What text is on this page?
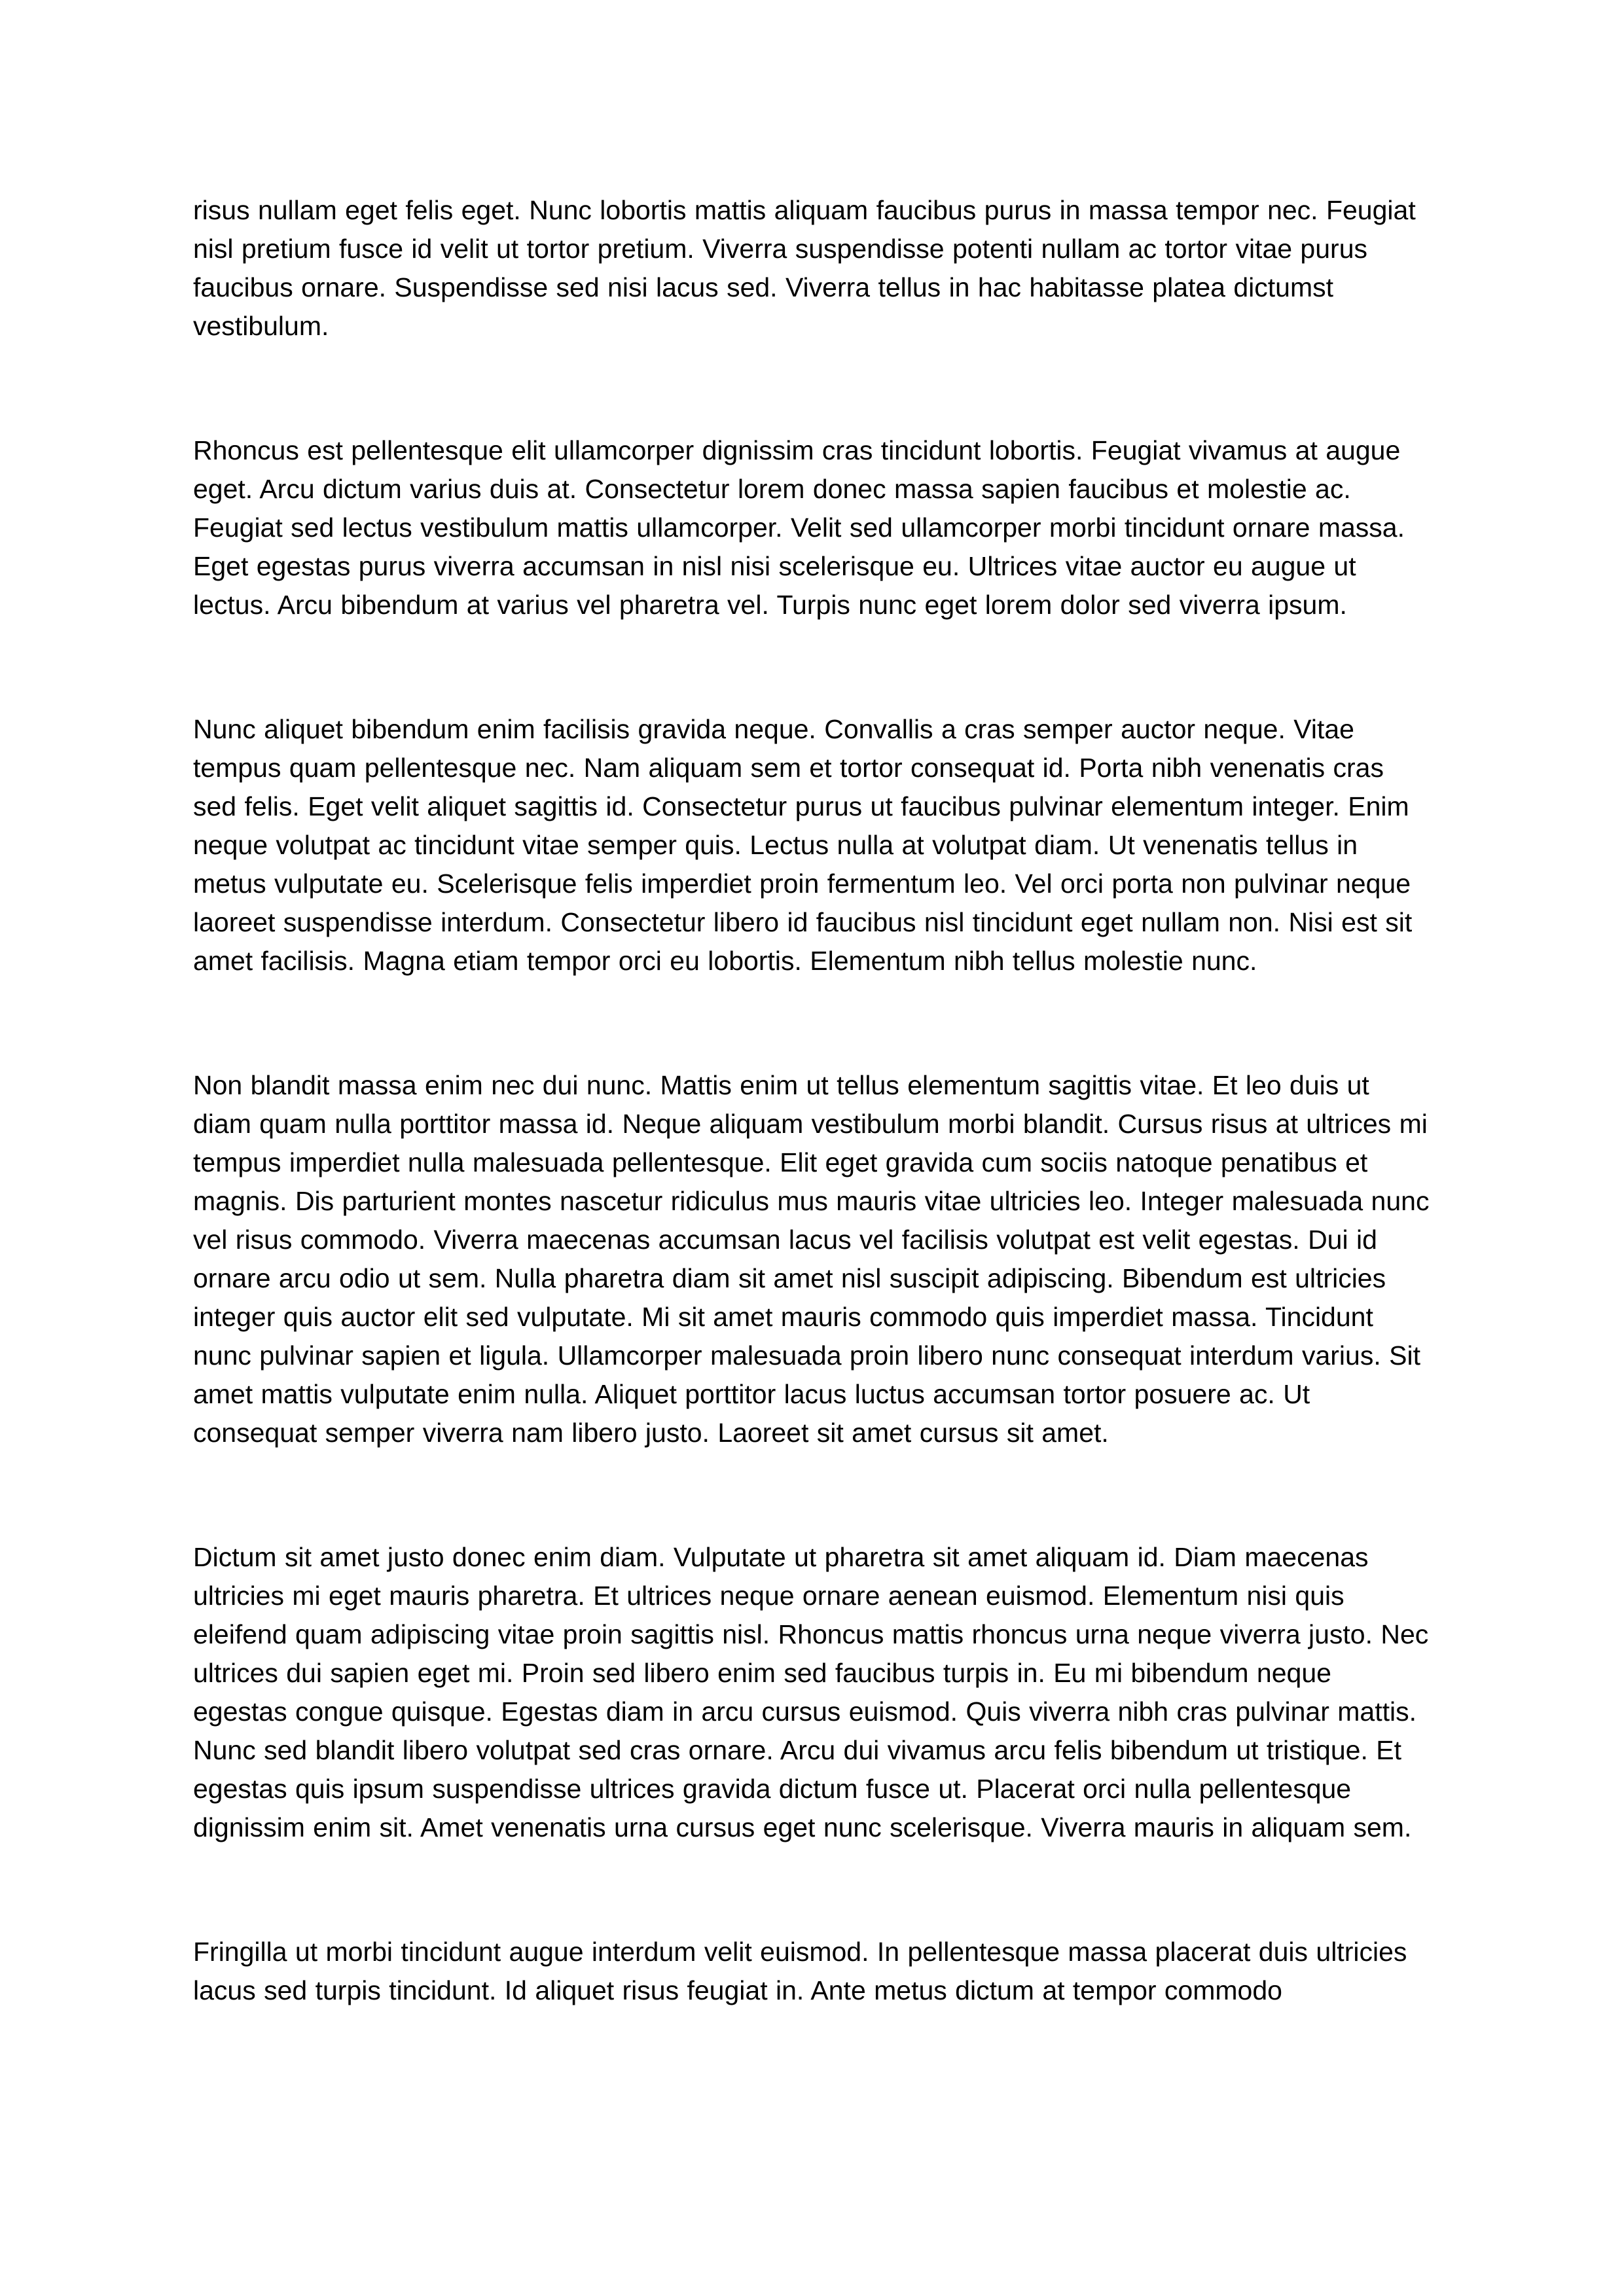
risus nullam eget felis eget. Nunc lobortis mattis aliquam faucibus purus in massa tempor nec. Feugiat nisl pretium fusce id velit ut tortor pretium. Viverra suspendisse potenti nullam ac tortor vitae purus faucibus ornare. Suspendisse sed nisi lacus sed. Viverra tellus in hac habitasse platea dictumst vestibulum.

Rhoncus est pellentesque elit ullamcorper dignissim cras tincidunt lobortis. Feugiat vivamus at augue eget. Arcu dictum varius duis at. Consectetur lorem donec massa sapien faucibus et molestie ac. Feugiat sed lectus vestibulum mattis ullamcorper. Velit sed ullamcorper morbi tincidunt ornare massa. Eget egestas purus viverra accumsan in nisl nisi scelerisque eu. Ultrices vitae auctor eu augue ut lectus. Arcu bibendum at varius vel pharetra vel. Turpis nunc eget lorem dolor sed viverra ipsum.

Nunc aliquet bibendum enim facilisis gravida neque. Convallis a cras semper auctor neque. Vitae tempus quam pellentesque nec. Nam aliquam sem et tortor consequat id. Porta nibh venenatis cras sed felis. Eget velit aliquet sagittis id. Consectetur purus ut faucibus pulvinar elementum integer. Enim neque volutpat ac tincidunt vitae semper quis. Lectus nulla at volutpat diam. Ut venenatis tellus in metus vulputate eu. Scelerisque felis imperdiet proin fermentum leo. Vel orci porta non pulvinar neque laoreet suspendisse interdum. Consectetur libero id faucibus nisl tincidunt eget nullam non. Nisi est sit amet facilisis. Magna etiam tempor orci eu lobortis. Elementum nibh tellus molestie nunc.

Non blandit massa enim nec dui nunc. Mattis enim ut tellus elementum sagittis vitae. Et leo duis ut diam quam nulla porttitor massa id. Neque aliquam vestibulum morbi blandit. Cursus risus at ultrices mi tempus imperdiet nulla malesuada pellentesque. Elit eget gravida cum sociis natoque penatibus et magnis. Dis parturient montes nascetur ridiculus mus mauris vitae ultricies leo. Integer malesuada nunc vel risus commodo. Viverra maecenas accumsan lacus vel facilisis volutpat est velit egestas. Dui id ornare arcu odio ut sem. Nulla pharetra diam sit amet nisl suscipit adipiscing. Bibendum est ultricies integer quis auctor elit sed vulputate. Mi sit amet mauris commodo quis imperdiet massa. Tincidunt nunc pulvinar sapien et ligula. Ullamcorper malesuada proin libero nunc consequat interdum varius. Sit amet mattis vulputate enim nulla. Aliquet porttitor lacus luctus accumsan tortor posuere ac. Ut consequat semper viverra nam libero justo. Laoreet sit amet cursus sit amet.

Dictum sit amet justo donec enim diam. Vulputate ut pharetra sit amet aliquam id. Diam maecenas ultricies mi eget mauris pharetra. Et ultrices neque ornare aenean euismod. Elementum nisi quis eleifend quam adipiscing vitae proin sagittis nisl. Rhoncus mattis rhoncus urna neque viverra justo. Nec ultrices dui sapien eget mi. Proin sed libero enim sed faucibus turpis in. Eu mi bibendum neque egestas congue quisque. Egestas diam in arcu cursus euismod. Quis viverra nibh cras pulvinar mattis. Nunc sed blandit libero volutpat sed cras ornare. Arcu dui vivamus arcu felis bibendum ut tristique. Et egestas quis ipsum suspendisse ultrices gravida dictum fusce ut. Placerat orci nulla pellentesque dignissim enim sit. Amet venenatis urna cursus eget nunc scelerisque. Viverra mauris in aliquam sem.

Fringilla ut morbi tincidunt augue interdum velit euismod. In pellentesque massa placerat duis ultricies lacus sed turpis tincidunt. Id aliquet risus feugiat in. Ante metus dictum at tempor commodo
